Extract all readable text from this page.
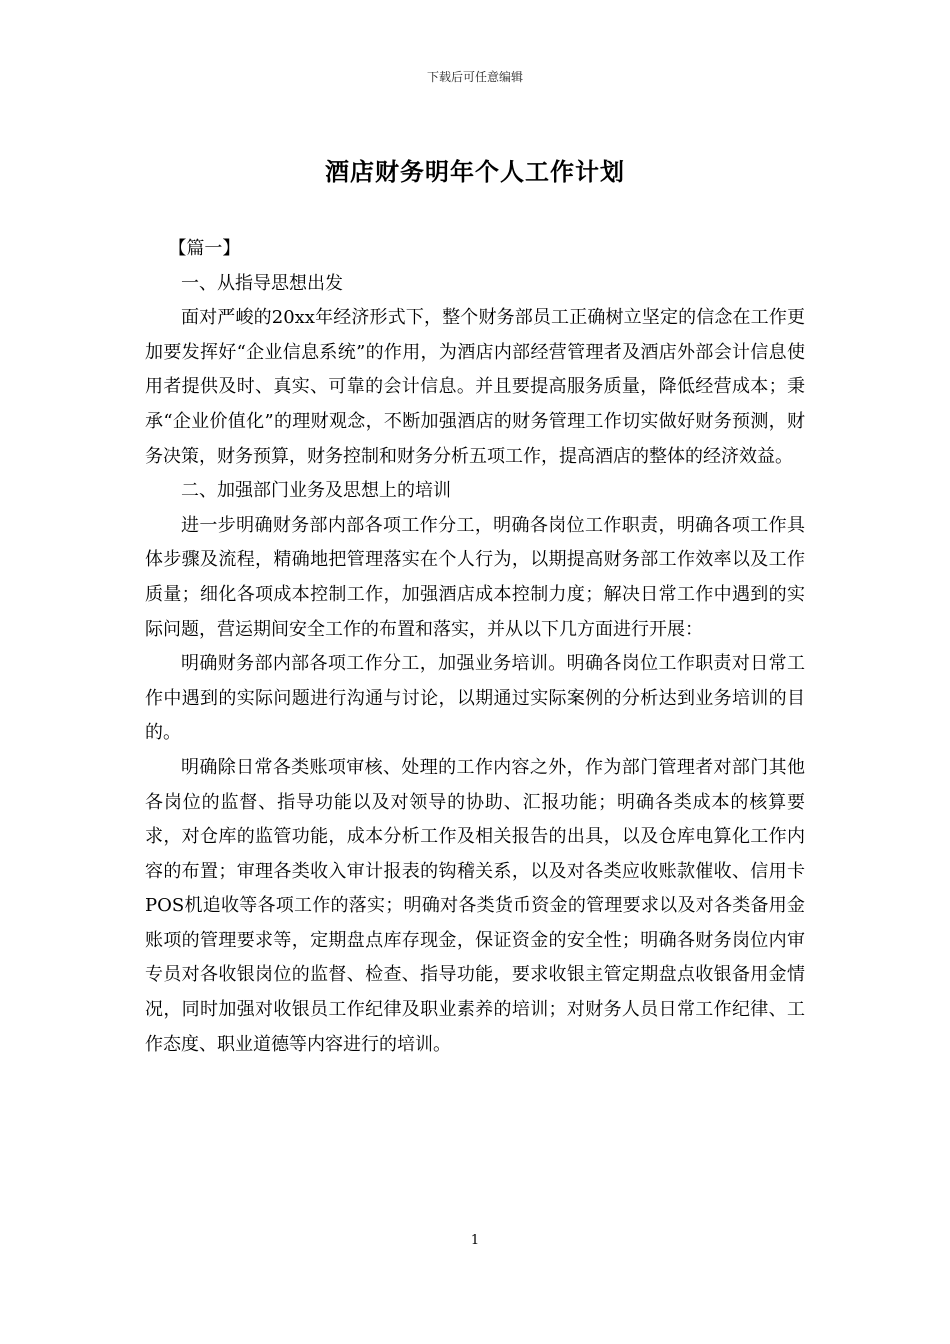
下载后可任意编辑
酒店财务明年个人工作计划

【篇一】

一、从指导思想出发

面对严峻的20xx年经济形式下，整个财务部员工正确树立坚定的信念在工作更加要发挥好“企业信息系统”的作用，为酒店内部经营管理者及酒店外部会计信息使用者提供及时、真实、可靠的会计信息。并且要提高服务质量，降低经营成本；秉承“企业价值化”的理财观念，不断加强酒店的财务管理工作切实做好财务预测，财务决策，财务预算，财务控制和财务分析五项工作，提高酒店的整体的经济效益。

二、加强部门业务及思想上的培训

进一步明确财务部内部各项工作分工，明确各岗位工作职责，明确各项工作具体步骤及流程，精确地把管理落实在个人行为，以期提高财务部工作效率以及工作质量；细化各项成本控制工作，加强酒店成本控制力度；解决日常工作中遇到的实际问题，营运期间安全工作的布置和落实，并从以下几方面进行开展：

明确财务部内部各项工作分工，加强业务培训。明确各岗位工作职责对日常工作中遇到的实际问题进行沟通与讨论，以期通过实际案例的分析达到业务培训的目的。

明确除日常各类账项审核、处理的工作内容之外，作为部门管理者对部门其他各岗位的监督、指导功能以及对领导的协助、汇报功能；明确各类成本的核算要求，对仓库的监管功能，成本分析工作及相关报告的出具，以及仓库电算化工作内容的布置；审理各类收入审计报表的钩稽关系，以及对各类应收账款催收、信用卡POS机追收等各项工作的落实；明确对各类货币资金的管理要求以及对各类备用金账项的管理要求等，定期盘点库存现金，保证资金的安全性；明确各财务岗位内审专员对各收银岗位的监督、检查、指导功能，要求收银主管定期盘点收银备用金情况，同时加强对收银员工作纪律及职业素养的培训；对财务人员日常工作纪律、工作态度、职业道德等内容进行的培训。

1
